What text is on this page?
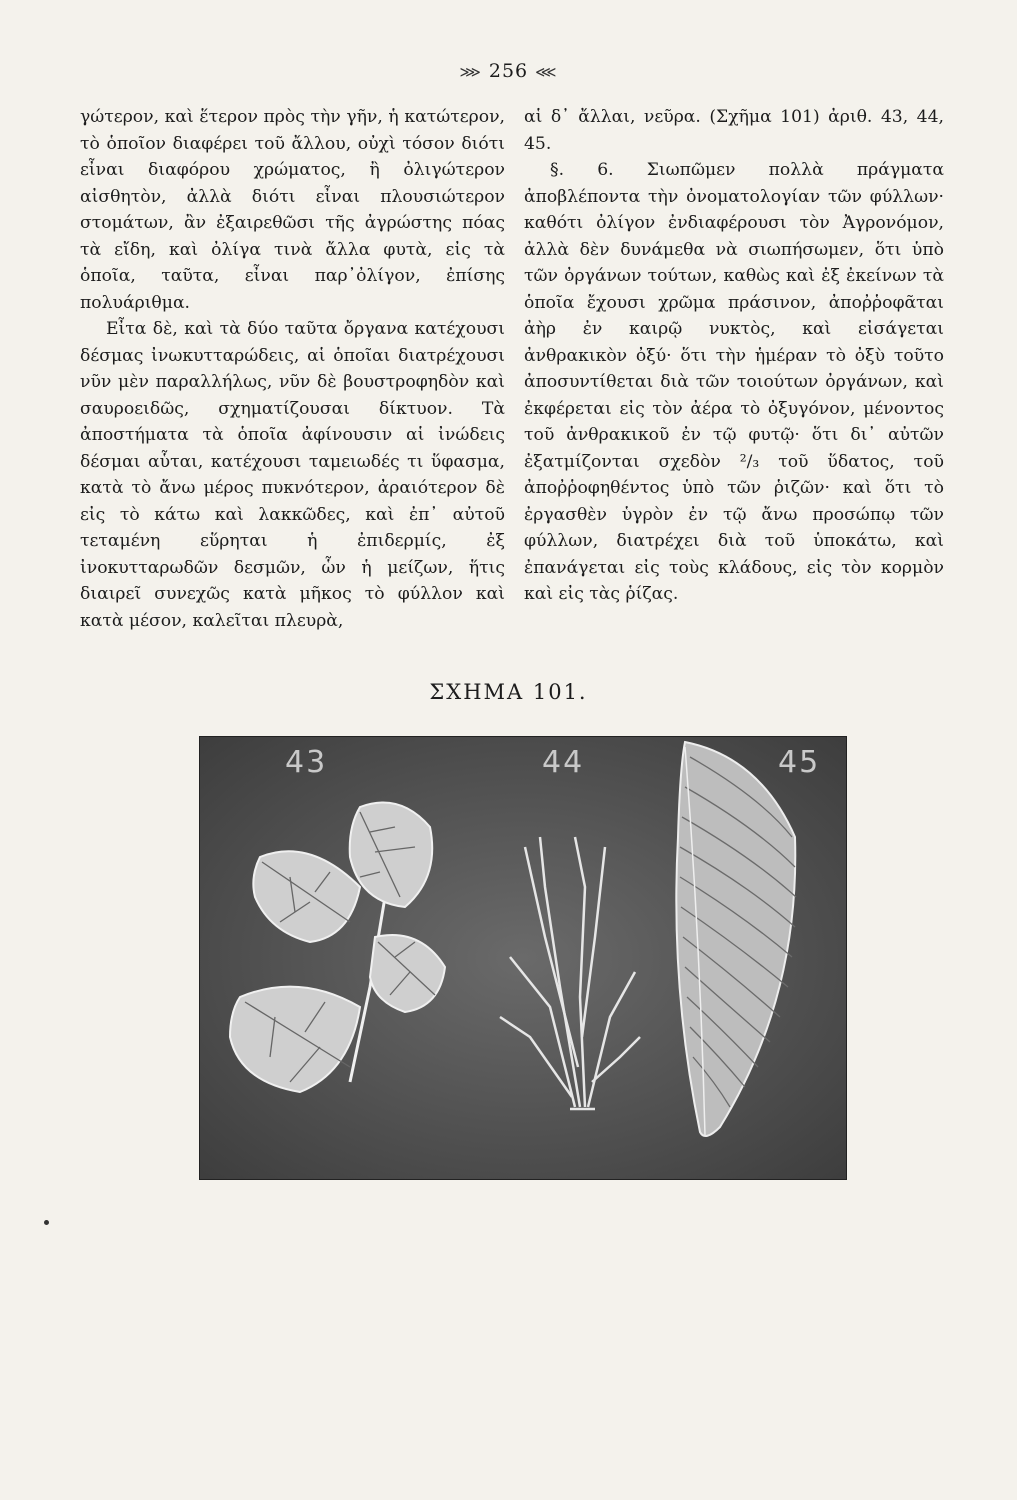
⋙ 256 ⋘

γώτερον, καὶ ἕτερον πρὸς τὴν γῆν, ἡ κατώτερον, τὸ ὁποῖον διαφέρει τοῦ ἄλλου, οὐχὶ τόσον διότι εἶναι διαφόρου χρώματος, ἢ ὀλιγώτερον αἰσθητὸν, ἀλλὰ διότι εἶναι πλουσιώτερον στομάτων, ἂν ἐξαιρεθῶσι τῆς ἀγρώστης πόας τὰ εἴδη, καὶ ὀλίγα τινὰ ἄλλα φυτὰ, εἰς τὰ ὁποῖα, ταῦτα, εἶναι παρ᾽ὀλίγον, ἐπίσης πολυάριθμα.

Εἶτα δὲ, καὶ τὰ δύο ταῦτα ὄργανα κατέχουσι δέσμας ἰνωκυτταρώδεις, αἱ ὁποῖαι διατρέχουσι νῦν μὲν παραλλήλως, νῦν δὲ βουστροφηδὸν καὶ σαυροειδῶς, σχηματίζουσαι δίκτυον. Τὰ ἀποστήματα τὰ ὁποῖα ἀφίνουσιν αἱ ἰνώδεις δέσμαι αὗται, κατέχουσι ταμειωδές τι ὕφασμα, κατὰ τὸ ἄνω μέρος πυκνότερον, ἀραιότερον δὲ εἰς τὸ κάτω καὶ λακκῶδες, καὶ ἐπ᾽ αὐτοῦ τεταμένη εὕρηται ἡ ἐπιδερμίς, ἐξ ἰνοκυτταρωδῶν δεσμῶν, ὧν ἡ μείζων, ἥτις διαιρεῖ συνεχῶς κατὰ μῆκος τὸ φύλλον καὶ κατὰ μέσον, καλεῖται πλευρὰ,

αἱ δ᾽ ἄλλαι, νεῦρα. (Σχῆμα 101) ἀριθ. 43, 44, 45.

§. 6. Σιωπῶμεν πολλὰ πράγματα ἀποβλέποντα τὴν ὀνοματολογίαν τῶν φύλλων· καθότι ὀλίγον ἐνδιαφέρουσι τὸν Ἀγρονόμον, ἀλλὰ δὲν δυνάμεθα νὰ σιωπήσωμεν, ὅτι ὑπὸ τῶν ὀργάνων τούτων, καθὼς καὶ ἐξ ἐκείνων τὰ ὁποῖα ἔχουσι χρῶμα πράσινον, ἀποῤῥοφᾶται ἀὴρ ἐν καιρῷ νυκτὸς, καὶ εἰσάγεται ἀνθρακικὸν ὀξύ· ὅτι τὴν ἡμέραν τὸ ὀξὺ τοῦτο ἀποσυντίθεται διὰ τῶν τοιούτων ὀργάνων, καὶ ἐκφέρεται εἰς τὸν ἀέρα τὸ ὀξυγόνον, μένοντος τοῦ ἀνθρακικοῦ ἐν τῷ φυτῷ· ὅτι δι᾽ αὐτῶν ἐξατμίζονται σχεδὸν ²/₃ τοῦ ὕδατος, τοῦ ἀποῤῥοφηθέντος ὑπὸ τῶν ῥιζῶν· καὶ ὅτι τὸ ἐργασθὲν ὑγρὸν ἐν τῷ ἄνω προσώπῳ τῶν φύλλων, διατρέχει διὰ τοῦ ὑποκάτω, καὶ ἐπανάγεται εἰς τοὺς κλάδους, εἰς τὸν κορμὸν καὶ εἰς τὰς ῥίζας.

ΣΧΗΜΑ 101.
43	44	45
